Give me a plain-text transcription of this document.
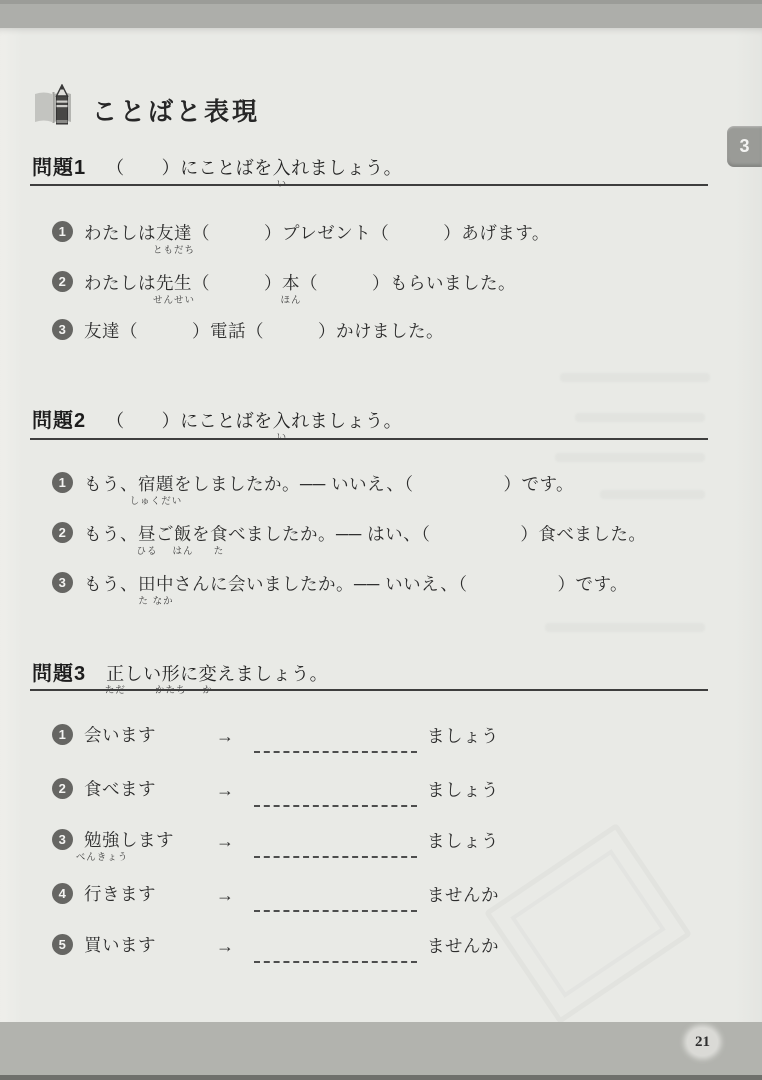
ことばと表現
問題1 （　　）にことばを入
い
れましょう。
1	わたしは友達
ともだち
（　　　）プレゼント（　　　）あげます。
2	わたしは先生
せんせい
（　　　）本
ほん
（　　　）もらいました。
3	友達（　　　）電話（　　　）かけました。
問題2 （　　）にことばを入
い
れましょう。
1	もう、宿題
しゅくだい
をしましたか。── いいえ、（　　　　　）です。
2	もう、昼
ひる
ご飯
はん
を食
た
べましたか。── はい、（　　　　　）食べました。
3	もう、田中
た なか
さんに会いましたか。── いいえ、（　　　　　）です。
問題3 正
ただ
しい形
かたち
に変
か
えましょう。
1	会います	→	ましょう
2	食べます	→	ましょう
3	勉強
べんきょう
します	→	ましょう
4	行きます	→	ませんか
5	買います	→	ませんか
3
21
